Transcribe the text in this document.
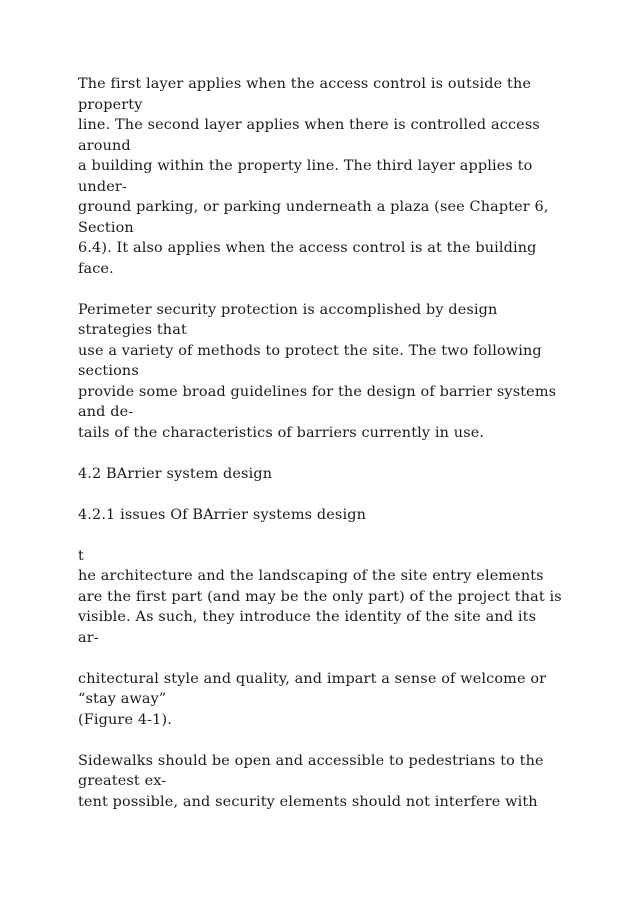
The first layer applies when the access control is outside the
property
line. The second layer applies when there is controlled access
around
a building within the property line. The third layer applies to
under-
ground parking, or parking underneath a plaza (see Chapter 6,
Section
6.4). It also applies when the access control is at the building
face.

Perimeter security protection is accomplished by design
strategies that
use a variety of methods to protect the site. The two following
sections
provide some broad guidelines for the design of barrier systems
and de-
tails of the characteristics of barriers currently in use.

4.2 BArrier system design

4.2.1 issues Of BArrier systems design

t
he architecture and the landscaping of the site entry elements
are the first part (and may be the only part) of the project that is
visible. As such, they introduce the identity of the site and its
ar-

chitectural style and quality, and impart a sense of welcome or
“stay away”
(Figure 4-1).

Sidewalks should be open and accessible to pedestrians to the
greatest ex-
tent possible, and security elements should not interfere with
